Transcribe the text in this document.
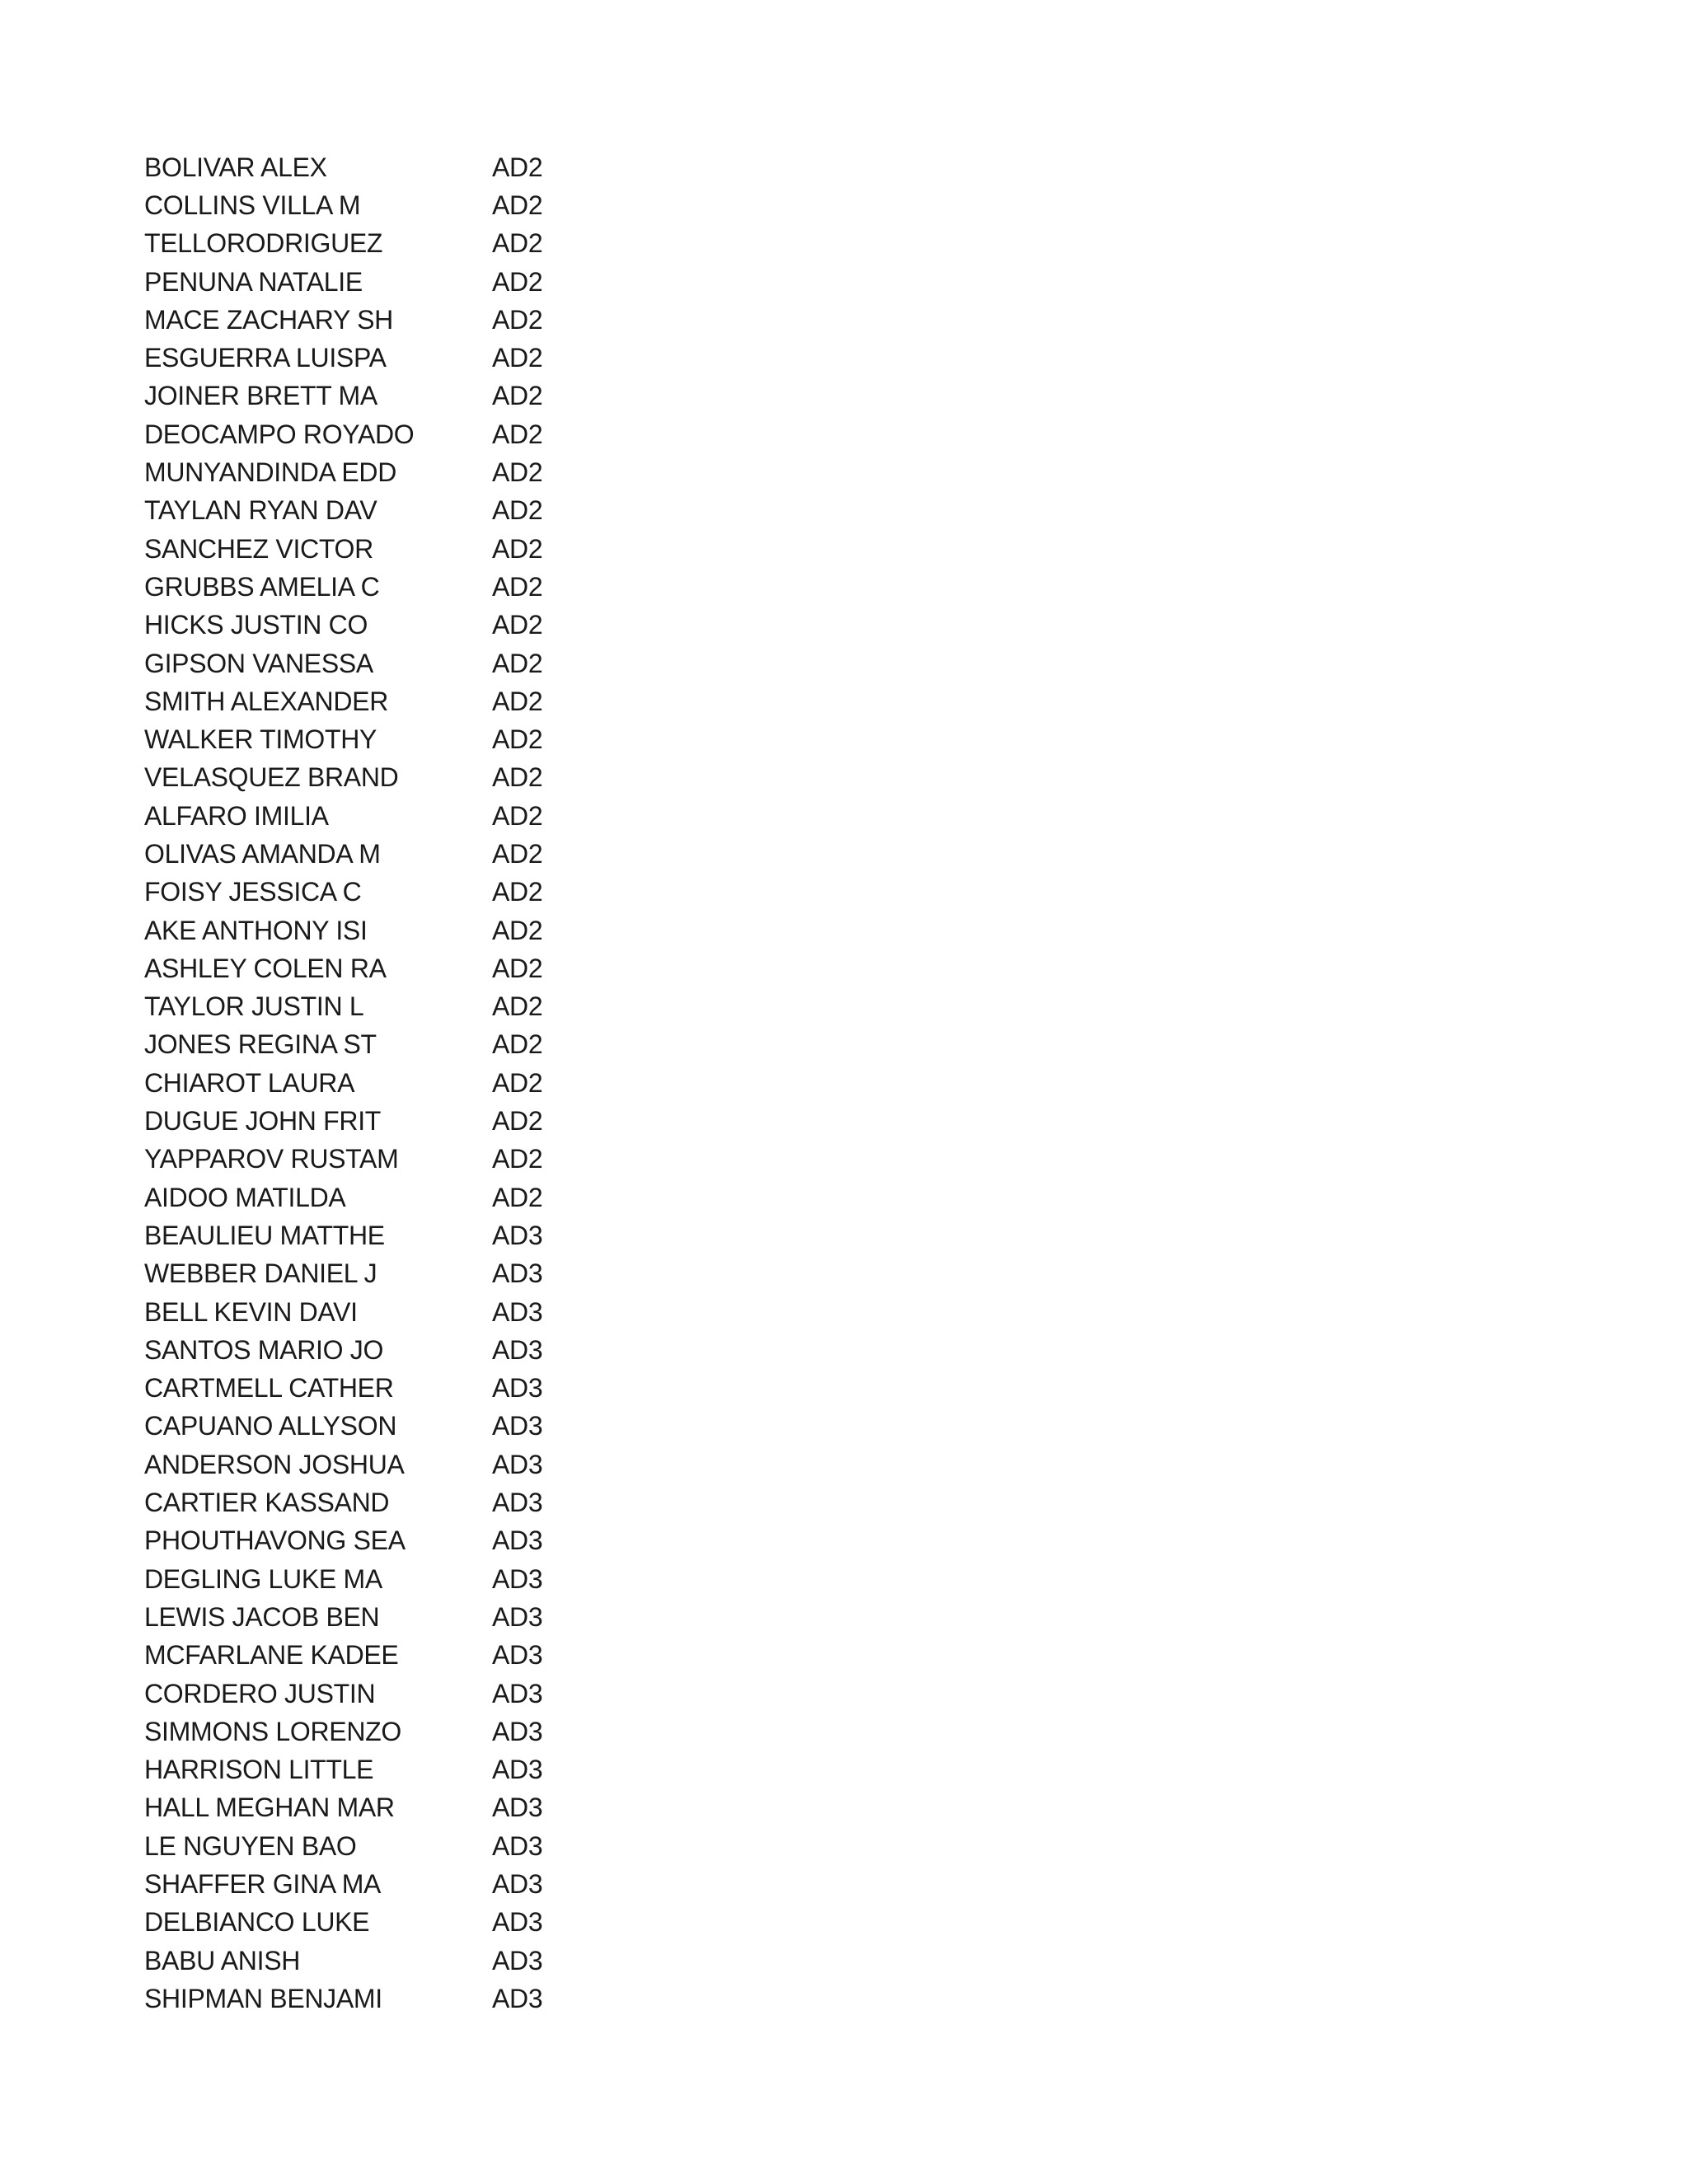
BOLIVAR ALEX	AD2
COLLINS VILLA M	AD2
TELLORODRIGUEZ	AD2
PENUNA NATALIE	AD2
MACE ZACHARY SH	AD2
ESGUERRA LUISPA	AD2
JOINER BRETT MA	AD2
DEOCAMPO ROYADO	AD2
MUNYANDINDA EDD	AD2
TAYLAN RYAN DAV	AD2
SANCHEZ VICTOR	AD2
GRUBBS AMELIA C	AD2
HICKS JUSTIN CO	AD2
GIPSON VANESSA	AD2
SMITH ALEXANDER	AD2
WALKER TIMOTHY	AD2
VELASQUEZ BRAND	AD2
ALFARO IMILIA	AD2
OLIVAS AMANDA M	AD2
FOISY JESSICA C	AD2
AKE ANTHONY ISI	AD2
ASHLEY COLEN RA	AD2
TAYLOR JUSTIN L	AD2
JONES REGINA ST	AD2
CHIAROT LAURA	AD2
DUGUE JOHN FRIT	AD2
YAPPAROV RUSTAM	AD2
AIDOO MATILDA	AD2
BEAULIEU MATTHE	AD3
WEBBER DANIEL J	AD3
BELL KEVIN DAVI	AD3
SANTOS MARIO JO	AD3
CARTMELL CATHER	AD3
CAPUANO ALLYSON	AD3
ANDERSON JOSHUA	AD3
CARTIER KASSAND	AD3
PHOUTHAVONG SEA	AD3
DEGLING LUKE MA	AD3
LEWIS JACOB BEN	AD3
MCFARLANE KADEE	AD3
CORDERO JUSTIN	AD3
SIMMONS LORENZO	AD3
HARRISON LITTLE	AD3
HALL MEGHAN MAR	AD3
LE NGUYEN BAO	AD3
SHAFFER GINA MA	AD3
DELBIANCO LUKE	AD3
BABU ANISH	AD3
SHIPMAN BENJAMI	AD3
